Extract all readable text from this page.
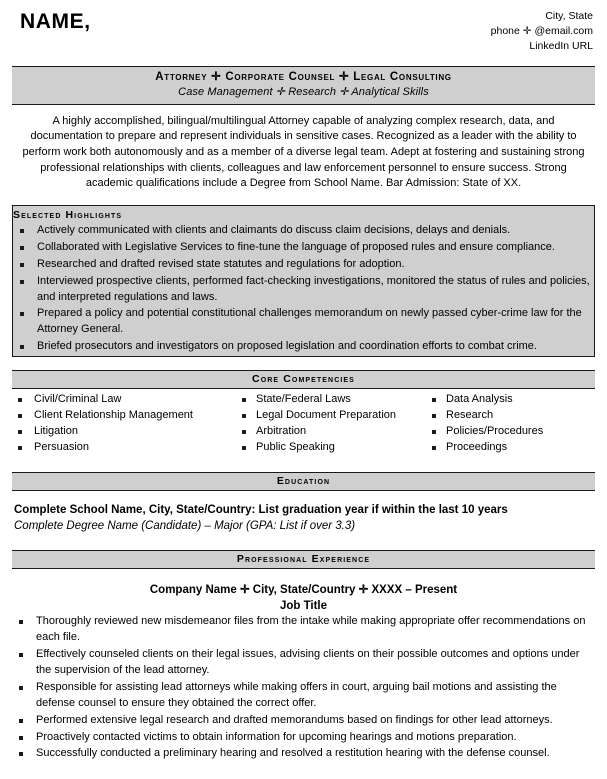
NAME,	City, State
phone ✛ @email.com
LinkedIn URL
Attorney ✛ Corporate Counsel ✛ Legal Consulting
Case Management ✛ Research ✛ Analytical Skills
A highly accomplished, bilingual/multilingual Attorney capable of analyzing complex research, data, and documentation to prepare and represent individuals in sensitive cases. Recognized as a leader with the ability to perform work both autonomously and as a member of a diverse legal team. Adept at fostering and sustaining strong professional relationships with clients, colleagues and law enforcement personnel to ensure success. Strong academic qualifications include a Degree from School Name. Bar Admission: State of XX.
Selected Highlights
Actively communicated with clients and claimants do discuss claim decisions, delays and denials.
Collaborated with Legislative Services to fine-tune the language of proposed rules and ensure compliance.
Researched and drafted revised state statutes and regulations for adoption.
Interviewed prospective clients, performed fact-checking investigations, monitored the status of rules and policies, and interpreted regulations and laws.
Prepared a policy and potential constitutional challenges memorandum on newly passed cyber-crime law for the Attorney General.
Briefed prosecutors and investigators on proposed legislation and coordination efforts to combat crime.
Core Competencies
Civil/Criminal Law
Client Relationship Management
Litigation
Persuasion
State/Federal Laws
Legal Document Preparation
Arbitration
Public Speaking
Data Analysis
Research
Policies/Procedures
Proceedings
Education
Complete School Name, City, State/Country: List graduation year if within the last 10 years
Complete Degree Name (Candidate) – Major (GPA: List if over 3.3)
Professional Experience
Company Name ✛ City, State/Country ✛ XXXX – Present
Job Title
Thoroughly reviewed new misdemeanor files from the intake while making appropriate offer recommendations on each file.
Effectively counseled clients on their legal issues, advising clients on their possible outcomes and options under the supervision of the lead attorney.
Responsible for assisting lead attorneys while making offers in court, arguing bail motions and assisting the defense counsel to ensure they obtained the correct offer.
Performed extensive legal research and drafted memorandums based on findings for other lead attorneys.
Proactively contacted victims to obtain information for upcoming hearings and motions preparation.
Successfully conducted a preliminary hearing and resolved a restitution hearing with the defense counsel.
